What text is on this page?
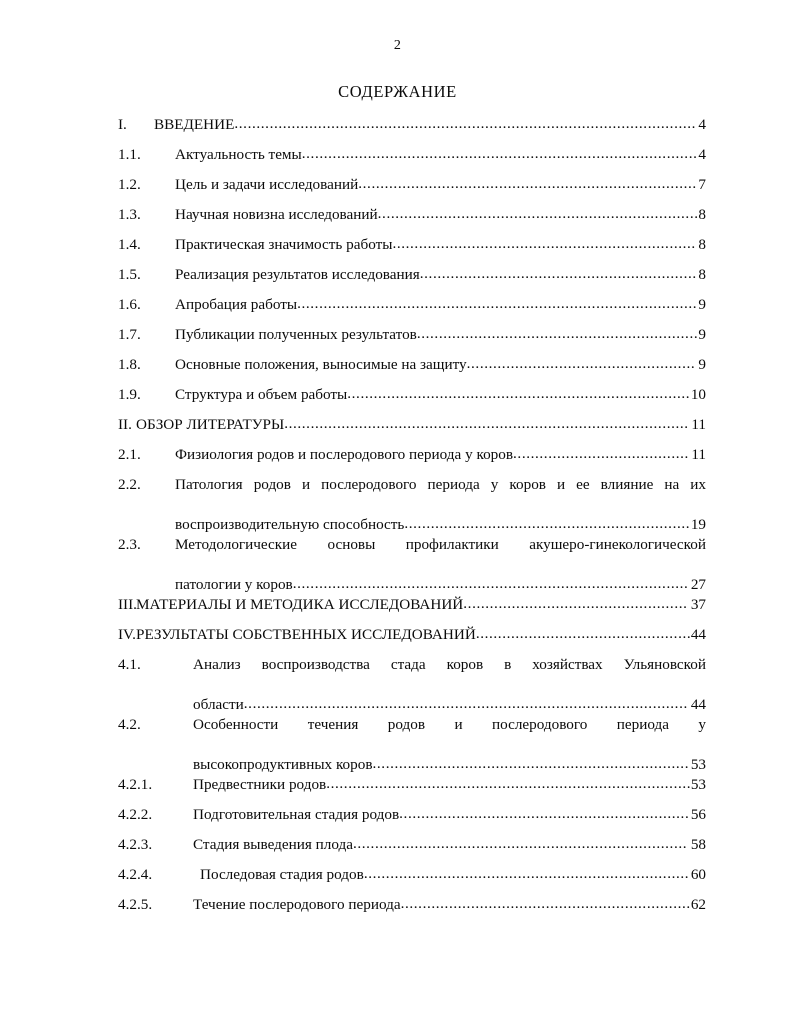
2
СОДЕРЖАНИЕ
I. ВВЕДЕНИЕ ......................................................................................................... 4
1.1. Актуальность темы .......................................................................................... 4
1.2. Цель и задачи исследований ............................................................................. 7
1.3. Научная новизна исследований ......................................................................... 8
1.4. Практическая значимость работы ..................................................................... 8
1.5. Реализация результатов исследования ............................................................... 8
1.6. Апробация работы ........................................................................................... 9
1.7. Публикации полученных результатов ................................................................ 9
1.8. Основные положения, выносимые на защиту .................................................... 9
1.9. Структура и объем работы .............................................................................. 10
II. ОБЗОР ЛИТЕРАТУРЫ ............................................................................................ 11
2.1. Физиология родов и послеродового периода у коров ........................................ 11
2.2. Патология родов и послеродового периода у коров и ее влияние на их
воспроизводительную способность ................................................................. 19
2.3. Методологические основы профилактики акушеро-гинекологической
патологии у коров .......................................................................................... 27
III. МАТЕРИАЛЫ И МЕТОДИКА ИССЛЕДОВАНИЙ ................................................... 37
IV. РЕЗУЛЬТАТЫ СОБСТВЕННЫХ ИССЛЕДОВАНИЙ ................................................. 44
4.1.	Анализ воспроизводства стада коров в хозяйствах Ульяновской
области ..................................................................................................... 44
4.2.	Особенности течения родов и послеродового периода у
высокопродуктивных коров ........................................................................ 53
4.2.1.	Предвестники родов ................................................................................... 53
4.2.2.	Подготовительная стадия родов .................................................................. 56
4.2.3.	Стадия выведения плода ............................................................................ 58
4.2.4.	Последовая стадия родов .......................................................................... 60
4.2.5.	Течение послеродового периода .................................................................. 62
